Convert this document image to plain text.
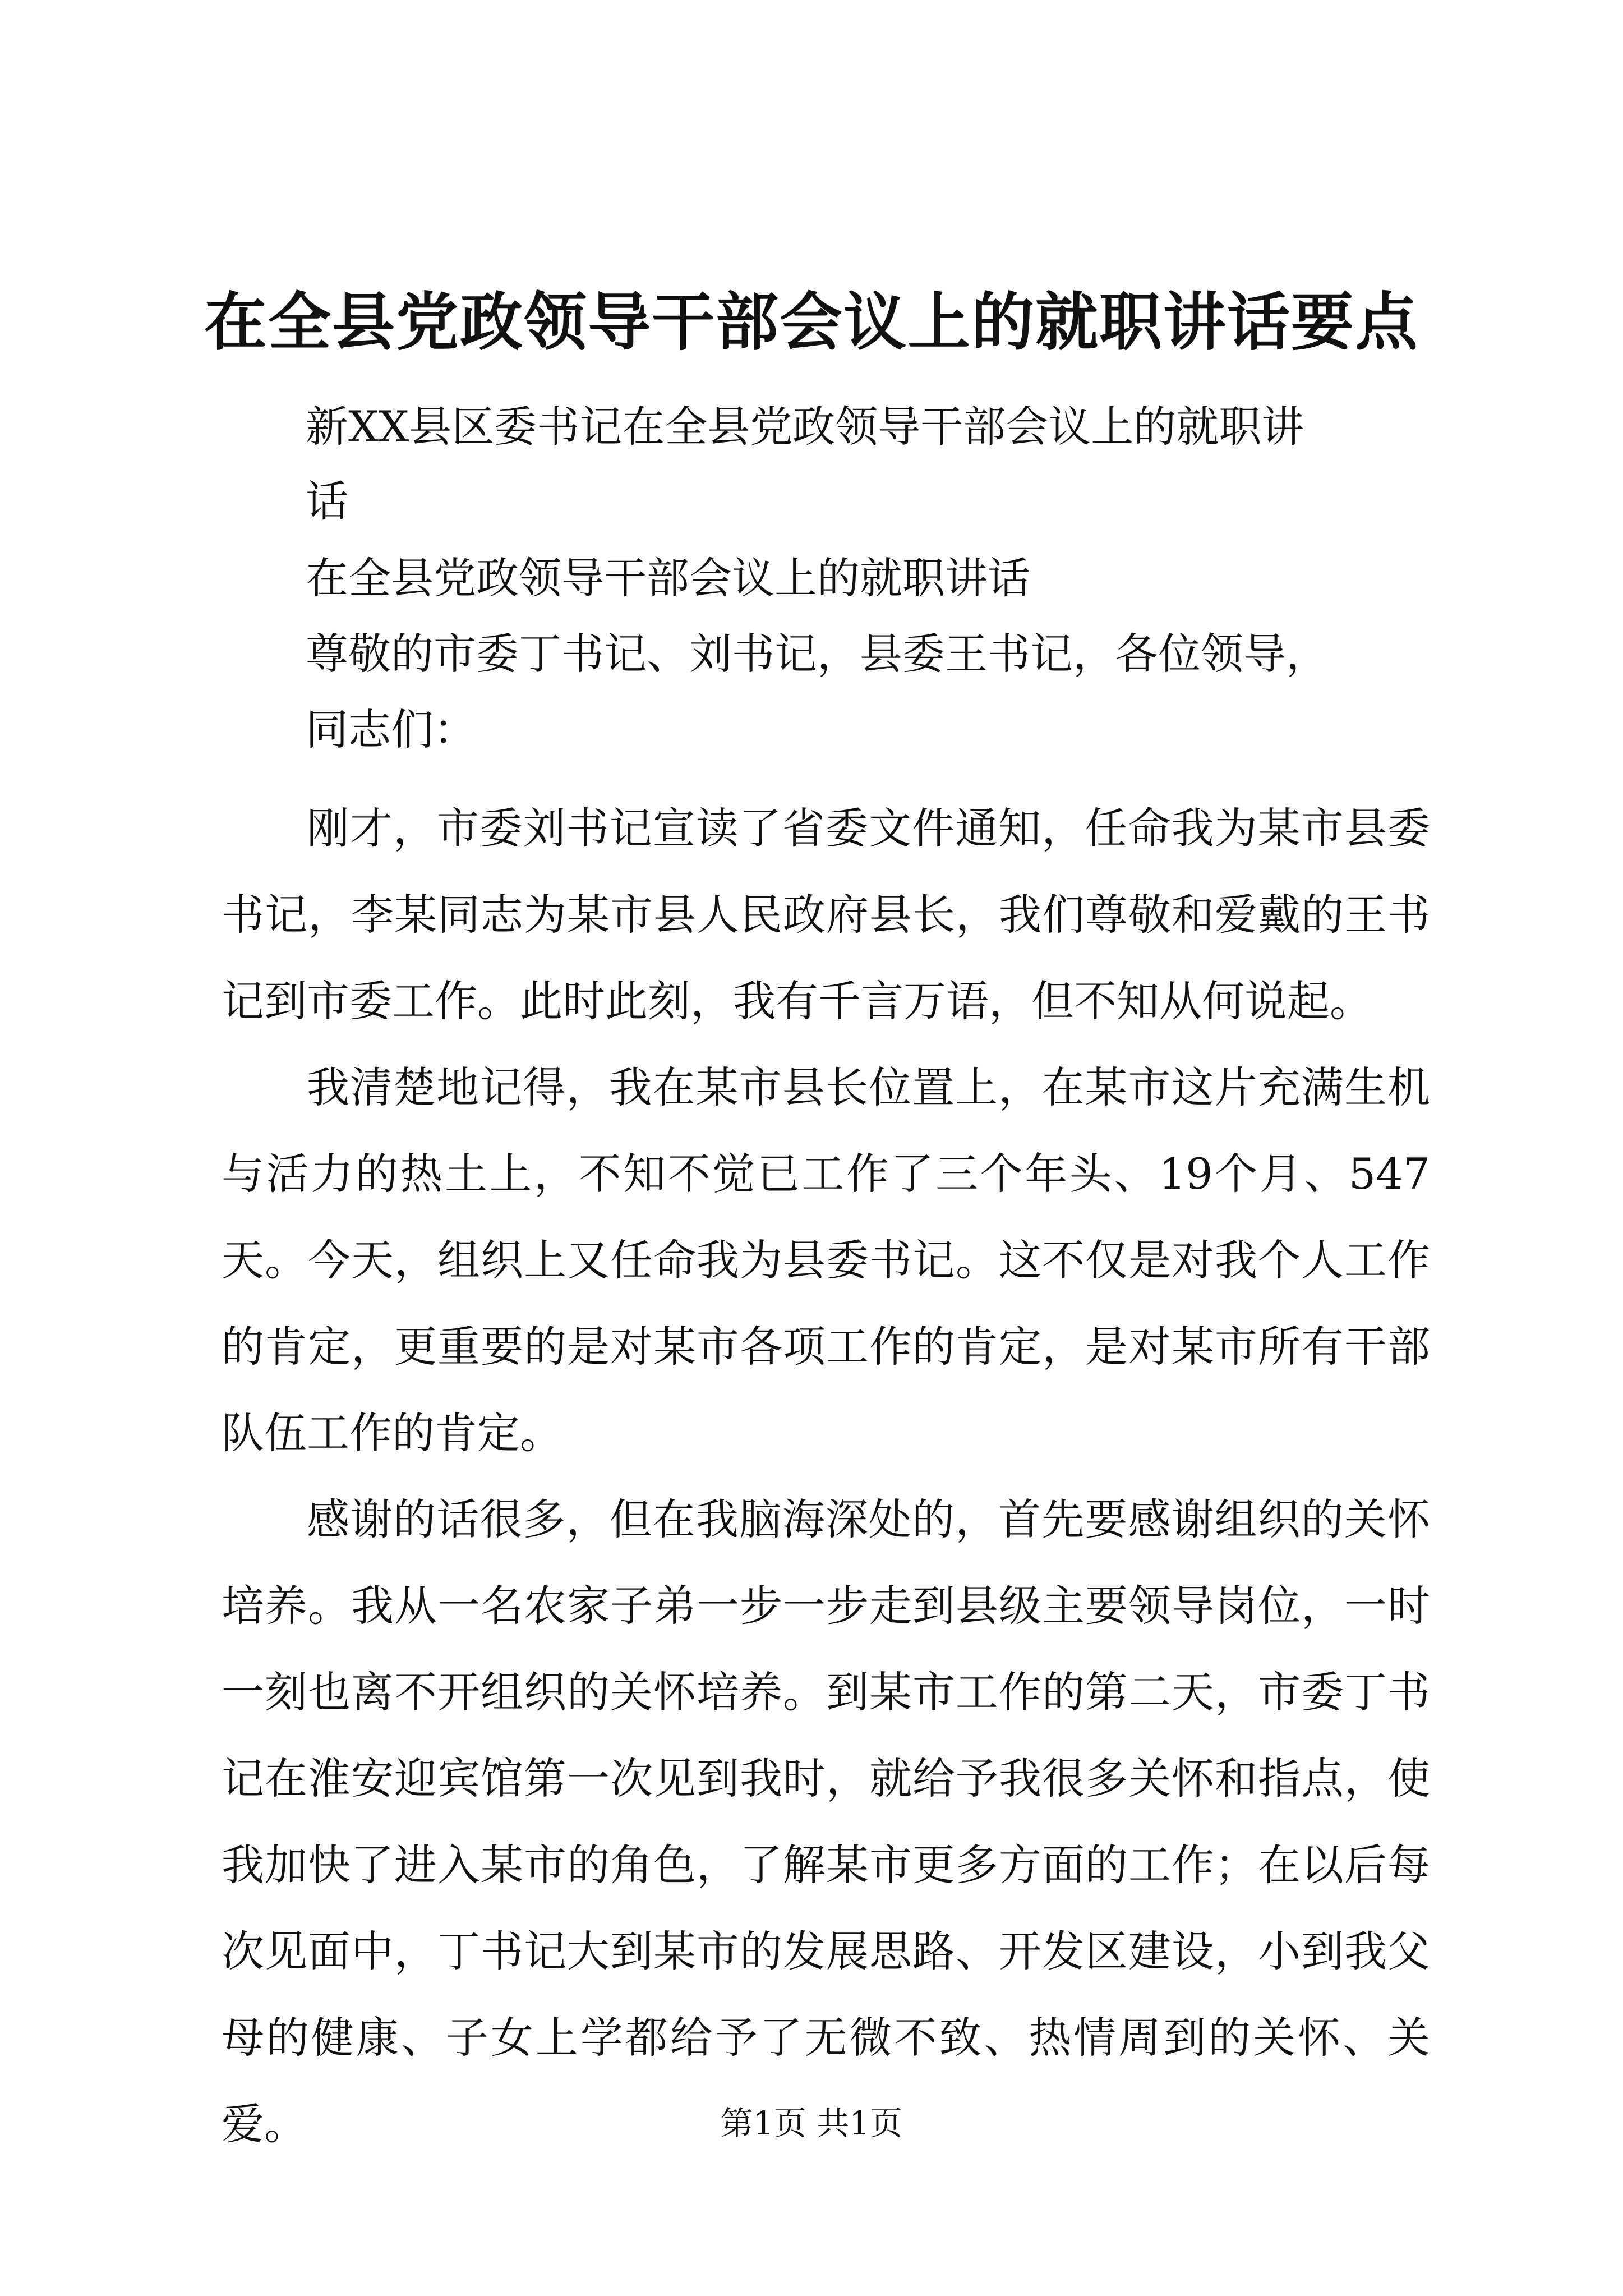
在全县党政领导干部会议上的就职讲话要点

新XX县区委书记在全县党政领导干部会议上的就职讲

话

在全县党政领导干部会议上的就职讲话

尊敬的市委丁书记、刘书记，县委王书记，各位领导，

同志们：

刚才，市委刘书记宣读了省委文件通知，任命我为某市县委书记，李某同志为某市县人民政府县长，我们尊敬和爱戴的王书记到市委工作。此时此刻，我有千言万语，但不知从何说起。

我清楚地记得，我在某市县长位置上，在某市这片充满生机与活力的热土上，不知不觉已工作了三个年头、19个月、547天。今天，组织上又任命我为县委书记。这不仅是对我个人工作的肯定，更重要的是对某市各项工作的肯定，是对某市所有干部队伍工作的肯定。

感谢的话很多，但在我脑海深处的，首先要感谢组织的关怀培养。我从一名农家子弟一步一步走到县级主要领导岗位，一时一刻也离不开组织的关怀培养。到某市工作的第二天，市委丁书记在淮安迎宾馆第一次见到我时，就给予我很多关怀和指点，使我加快了进入某市的角色，了解某市更多方面的工作；在以后每次见面中，丁书记大到某市的发展思路、开发区建设，小到我父母的健康、子女上学都给予了无微不致、热情周到的关怀、关爱。	第1页 共1页
